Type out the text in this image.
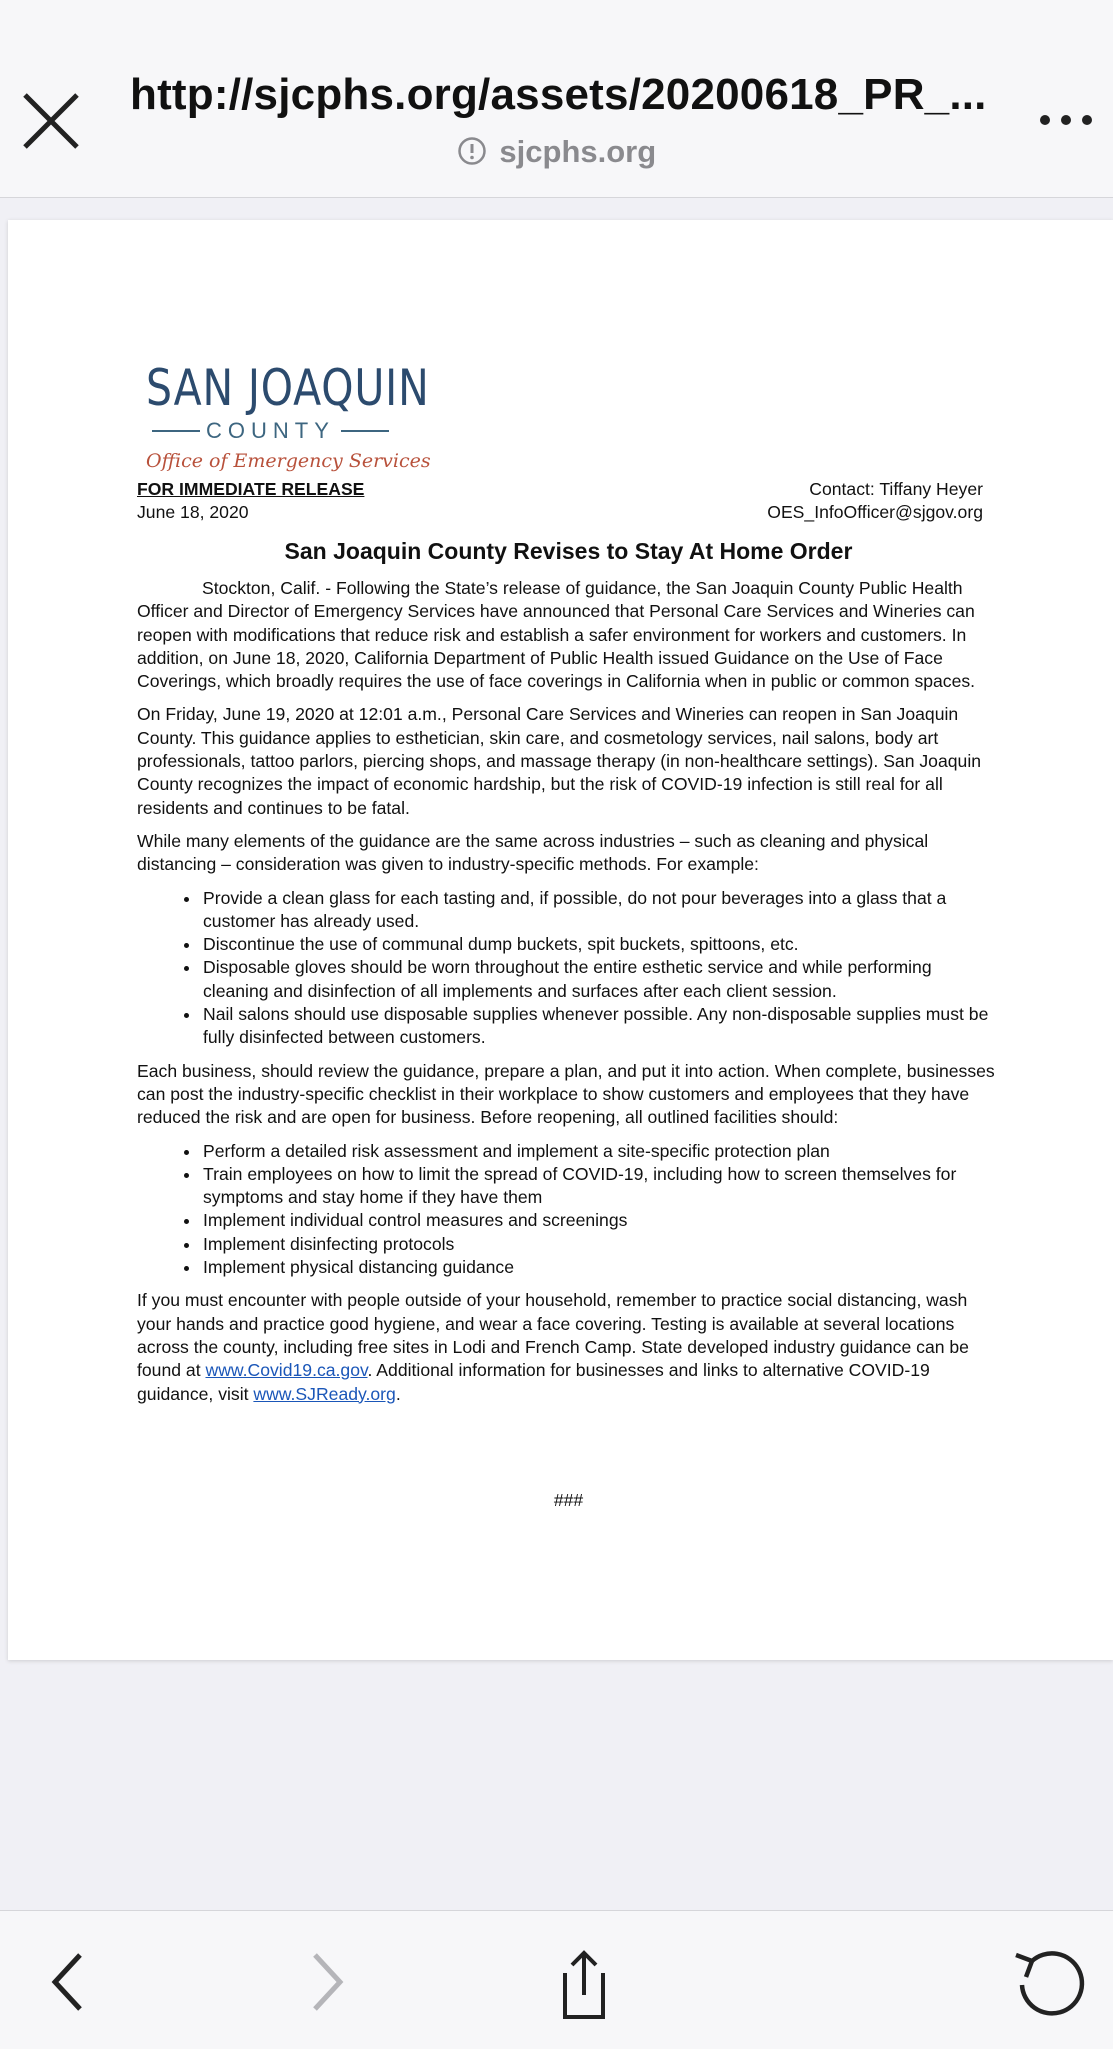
http://sjcphs.org/assets/20200618_PR_...
sjcphs.org
SAN JOAQUIN
COUNTY
Office of Emergency Services
FOR IMMEDIATE RELEASE
June 18, 2020
Contact: Tiffany Heyer
OES_InfoOfficer@sjgov.org
San Joaquin County Revises to Stay At Home Order

Stockton, Calif. - Following the State’s release of guidance, the San Joaquin County Public Health Officer and Director of Emergency Services have announced that Personal Care Services and Wineries can reopen with modifications that reduce risk and establish a safer environment for workers and customers. In addition, on June 18, 2020, California Department of Public Health issued Guidance on the Use of Face Coverings, which broadly requires the use of face coverings in California when in public or common spaces.

On Friday, June 19, 2020 at 12:01 a.m., Personal Care Services and Wineries can reopen in San Joaquin County. This guidance applies to esthetician, skin care, and cosmetology services, nail salons, body art professionals, tattoo parlors, piercing shops, and massage therapy (in non-healthcare settings). San Joaquin County recognizes the impact of economic hardship, but the risk of COVID-19 infection is still real for all residents and continues to be fatal.

While many elements of the guidance are the same across industries – such as cleaning and physical distancing – consideration was given to industry-specific methods. For example:

• Provide a clean glass for each tasting and, if possible, do not pour beverages into a glass that a customer has already used.
• Discontinue the use of communal dump buckets, spit buckets, spittoons, etc.
• Disposable gloves should be worn throughout the entire esthetic service and while performing cleaning and disinfection of all implements and surfaces after each client session.
• Nail salons should use disposable supplies whenever possible. Any non-disposable supplies must be fully disinfected between customers.

Each business, should review the guidance, prepare a plan, and put it into action. When complete, businesses can post the industry-specific checklist in their workplace to show customers and employees that they have reduced the risk and are open for business. Before reopening, all outlined facilities should:

• Perform a detailed risk assessment and implement a site-specific protection plan
• Train employees on how to limit the spread of COVID-19, including how to screen themselves for symptoms and stay home if they have them
• Implement individual control measures and screenings
• Implement disinfecting protocols
• Implement physical distancing guidance

If you must encounter with people outside of your household, remember to practice social distancing, wash your hands and practice good hygiene, and wear a face covering. Testing is available at several locations across the county, including free sites in Lodi and French Camp. State developed industry guidance can be found at www.Covid19.ca.gov. Additional information for businesses and links to alternative COVID-19 guidance, visit www.SJReady.org.

###
